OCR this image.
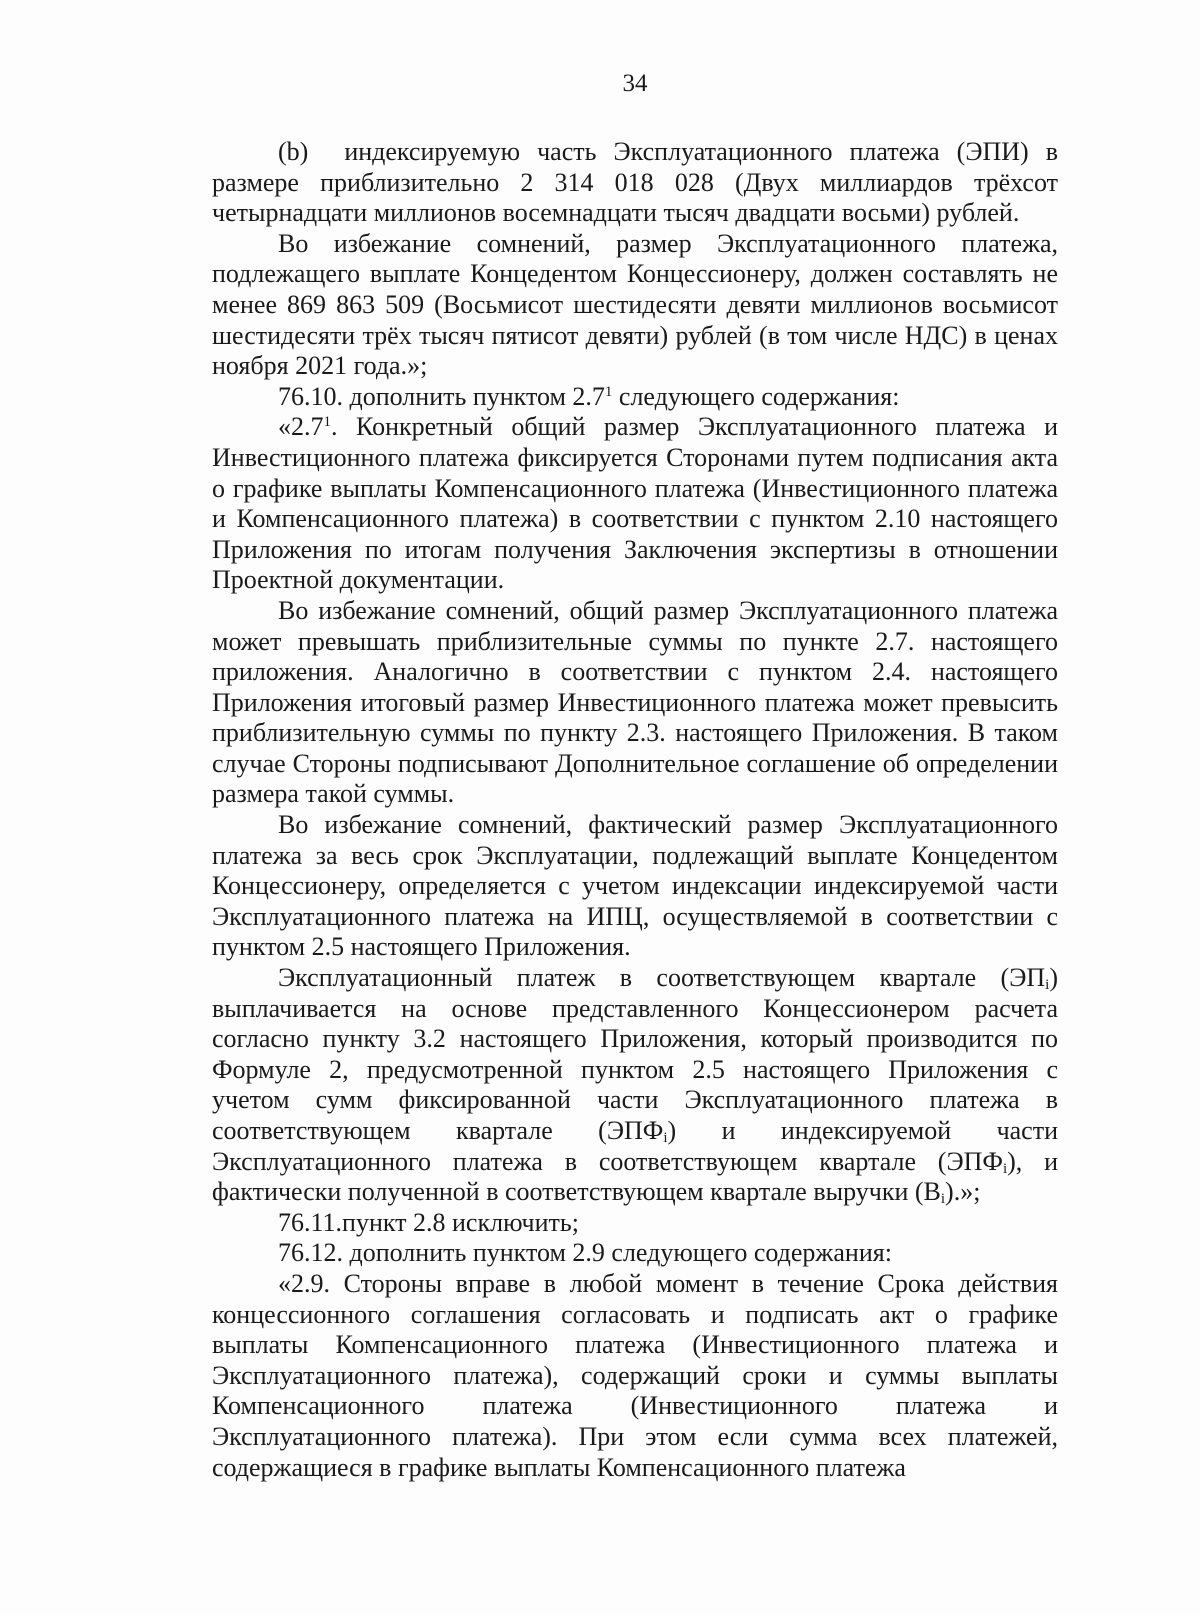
34

(b) индексируемую часть Эксплуатационного платежа (ЭПИ) в размере приблизительно 2 314 018 028 (Двух миллиардов трёхсот четырнадцати миллионов восемнадцати тысяч двадцати восьми) рублей.

Во избежание сомнений, размер Эксплуатационного платежа, подлежащего выплате Концедентом Концессионеру, должен составлять не менее 869 863 509 (Восьмисот шестидесяти девяти миллионов восьмисот шестидесяти трёх тысяч пятисот девяти) рублей (в том числе НДС) в ценах ноября 2021 года.»;

76.10. дополнить пунктом $2.7^1$ следующего содержания:

«$2.7^1$. Конкретный общий размер Эксплуатационного платежа и Инвестиционного платежа фиксируется Сторонами путем подписания акта о графике выплаты Компенсационного платежа (Инвестиционного платежа и Компенсационного платежа) в соответствии с пунктом 2.10 настоящего Приложения по итогам получения Заключения экспертизы в отношении Проектной документации.

Во избежание сомнений, общий размер Эксплуатационного платежа может превышать приблизительные суммы по пункте 2.7. настоящего приложения. Аналогично в соответствии с пунктом 2.4. настоящего Приложения итоговый размер Инвестиционного платежа может превысить приблизительную суммы по пункту 2.3. настоящего Приложения. В таком случае Стороны подписывают Дополнительное соглашение об определении размера такой суммы.

Во избежание сомнений, фактический размер Эксплуатационного платежа за весь срок Эксплуатации, подлежащий выплате Концедентом Концессионеру, определяется с учетом индексации индексируемой части Эксплуатационного платежа на ИПЦ, осуществляемой в соответствии с пунктом 2.5 настоящего Приложения.

Эксплуатационный платеж в соответствующем квартале $(ЭП_i)$ выплачивается на основе представленного Концессионером расчета согласно пункту 3.2 настоящего Приложения, который производится по Формуле 2, предусмотренной пунктом 2.5 настоящего Приложения с учетом сумм фиксированной части Эксплуатационного платежа в соответствующем квартале $(ЭПФ_i)$ и индексируемой части Эксплуатационного платежа в соответствующем квартале $(ЭПФ_i)$, и фактически полученной в соответствующем квартале выручки $(В_i)$.»;

76.11.пункт 2.8 исключить;

76.12. дополнить пунктом 2.9 следующего содержания:

«2.9. Стороны вправе в любой момент в течение Срока действия концессионного соглашения согласовать и подписать акт о графике выплаты Компенсационного платежа (Инвестиционного платежа и Эксплуатационного платежа), содержащий сроки и суммы выплаты Компенсационного платежа (Инвестиционного платежа и Эксплуатационного платежа). При этом если сумма всех платежей, содержащиеся в графике выплаты Компенсационного платежа
